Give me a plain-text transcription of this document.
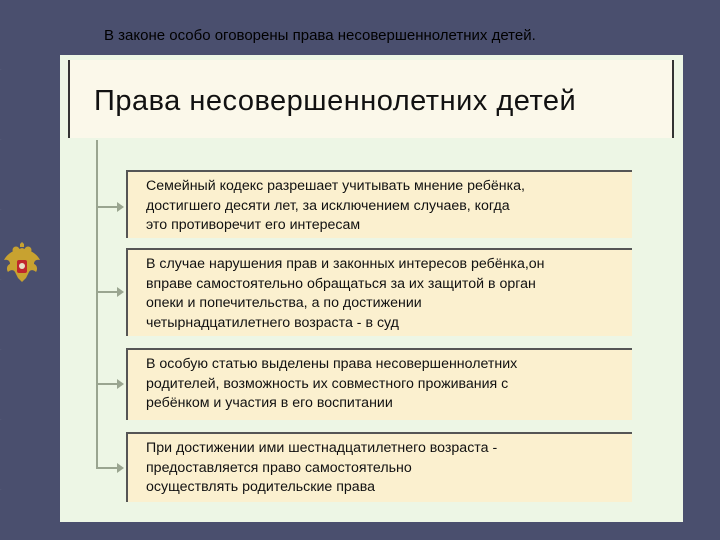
В законе особо оговорены права несовершеннолетних детей.
Права несовершеннолетних детей
Семейный кодекс разрешает учитывать мнение ребёнка,
достигшего десяти лет, за исключением случаев, когда
это противоречит его интересам
В случае нарушения прав и законных интересов ребёнка,он
вправе самостоятельно обращаться за их защитой в орган
опеки и попечительства, а по достижении
четырнадцатилетнего возраста - в суд
В особую статью выделены права несовершеннолетних
родителей, возможность их совместного проживания с
ребёнком и участия в его воспитании
При достижении ими шестнадцатилетнего возраста -
предоставляется право самостоятельно
осуществлять родительские права
